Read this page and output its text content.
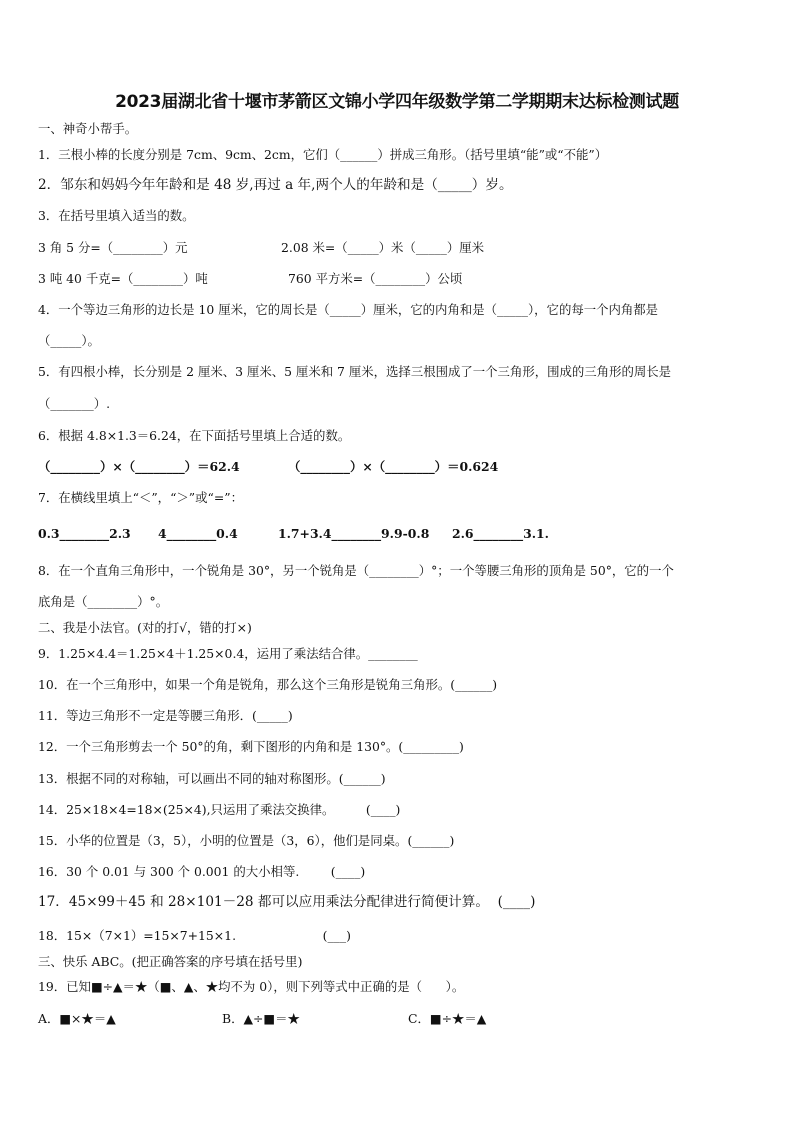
2023届湖北省十堰市茅箭区文锦小学四年级数学第二学期期末达标检测试题
一、神奇小帮手。
1．三根小棒的长度分别是 7cm、9cm、2cm，它们（______）拼成三角形。（括号里填“能”或“不能”）
2．邹东和妈妈今年年龄和是 48 岁,再过 a 年,两个人的年龄和是（_____）岁。
3．在括号里填入适当的数。
3 角 5 分=（________）元	2.08 米=（_____）米（_____）厘米
3 吨 40 千克=（________）吨	760 平方米=（________）公顷
4．一个等边三角形的边长是 10 厘米，它的周长是（_____）厘米，它的内角和是（_____），它的每一个内角都是
（_____）。
5．有四根小棒，长分别是 2 厘米、3 厘米、5 厘米和 7 厘米，选择三根围成了一个三角形，围成的三角形的周长是
（_______）.
6．根据 4.8×1.3＝6.24，在下面括号里填上合适的数。
（________）×（________）＝62.4	（________）×（________）＝0.624
7．在横线里填上“＜”，“＞”或“=”：
0.3________2.3 4________0.4	1.7+3.4________9.9-0.8 2.6________3.1.
8．在一个直角三角形中，一个锐角是 30°，另一个锐角是（________）°；一个等腰三角形的顶角是 50°，它的一个
底角是（________）°。
二、我是小法官。(对的打√，错的打×)
9．1.25×4.4＝1.25×4＋1.25×0.4，运用了乘法结合律。________
10．在一个三角形中，如果一个角是锐角，那么这个三角形是锐角三角形。(______)
11．等边三角形不一定是等腰三角形．(_____)
12．一个三角形剪去一个 50°的角，剩下图形的内角和是 130°。(_________)
13．根据不同的对称轴，可以画出不同的轴对称图形。(______)
14．25×18×4=18×(25×4),只运用了乘法交换律。        (____)
15．小华的位置是（3，5），小明的位置是（3，6），他们是同桌。(______)
16．30 个 0.01 与 300 个 0.001 的大小相等.        (____)
17．45×99＋45 和 28×101－28 都可以应用乘法分配律进行简便计算。  (____)
18．15×（7×1）=15×7+15×1.                      (___)
三、快乐 ABC。(把正确答案的序号填在括号里)
19．已知■÷▲＝★（■、▲、★均不为 0），则下列等式中正确的是（      ）。
A．■×★＝▲	B．▲÷■＝★	C．■÷★＝▲
